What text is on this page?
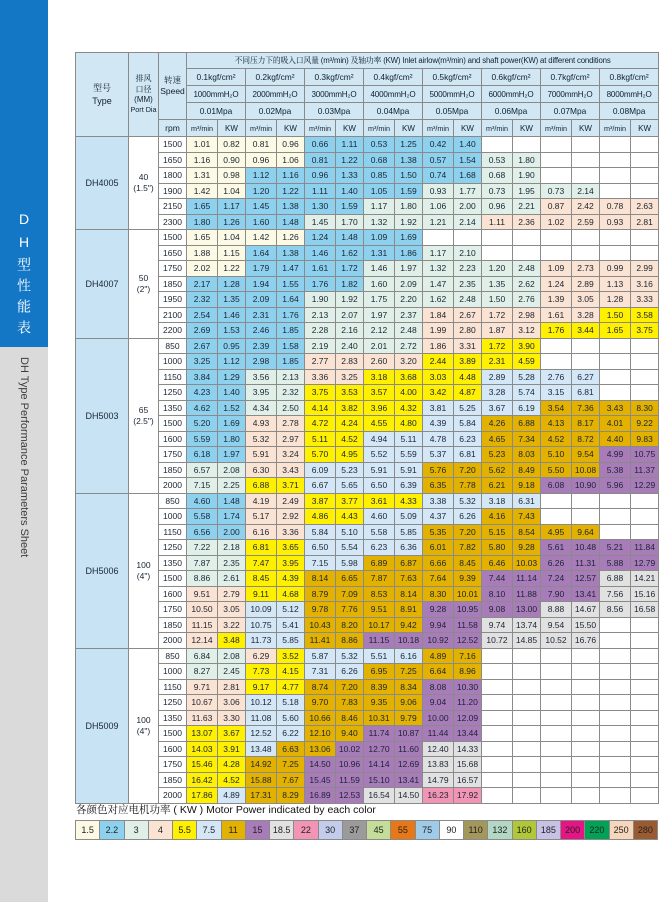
DH型性能表
DH Type Performance Parameters Sheet
型号
Type

排风
口径
(MM)
Port Dia

转速
Speed
	不同压力下的吸入口风量 (m³/min) 及轴功率 (KW) Inlet airlow(m³/min) and shaft power(KW) at different conditions
			0.1kgf/cm²		0.2kgf/cm²		0.3kgf/cm²		0.4kgf/cm²		0.5kgf/cm²		0.6kgf/cm²		0.7kgf/cm²		0.8kgf/cm²	
			1000mmH₂O		2000mmH₂O		3000mmH₂O		4000mmH₂O		5000mmH₂O		6000mmH₂O		7000mmH₂O		8000mmH₂O	
			0.01Mpa		0.02Mpa		0.03Mpa		0.04Mpa		0.05Mpa		0.06Mpa		0.07Mpa		0.08Mpa	
		rpm	m³/min	KW	m³/min	KW	m³/min	KW	m³/min	KW	m³/min	KW	m³/min	KW	m³/min	KW	m³/min	KW
DH4005	40
(1.5")	1500	1.01	0.82	0.81	0.96	0.66	1.11	0.53	1.25	0.42	1.40						
		1650	1.16	0.90	0.96	1.06	0.81	1.22	0.68	1.38	0.57	1.54	0.53	1.80				
		1800	1.31	0.98	1.12	1.16	0.96	1.33	0.85	1.50	0.74	1.68	0.68	1.90				
		1900	1.42	1.04	1.20	1.22	1.11	1.40	1.05	1.59	0.93	1.77	0.73	1.95	0.73	2.14		
		2150	1.65	1.17	1.45	1.38	1.30	1.59	1.17	1.80	1.06	2.00	0.96	2.21	0.87	2.42	0.78	2.63
		2300	1.80	1.26	1.60	1.48	1.45	1.70	1.32	1.92	1.21	2.14	1.11	2.36	1.02	2.59	0.93	2.81
DH4007	50
(2")	1500	1.65	1.04	1.42	1.26	1.24	1.48	1.09	1.69								
		1650	1.88	1.15	1.64	1.38	1.46	1.62	1.31	1.86	1.17	2.10						
		1750	2.02	1.22	1.79	1.47	1.61	1.72	1.46	1.97	1.32	2.23	1.20	2.48	1.09	2.73	0.99	2.99
		1850	2.17	1.28	1.94	1.55	1.76	1.82	1.60	2.09	1.47	2.35	1.35	2.62	1.24	2.89	1.13	3.16
		1950	2.32	1.35	2.09	1.64	1.90	1.92	1.75	2.20	1.62	2.48	1.50	2.76	1.39	3.05	1.28	3.33
		2100	2.54	1.46	2.31	1.76	2.13	2.07	1.97	2.37	1.84	2.67	1.72	2.98	1.61	3.28	1.50	3.58
		2200	2.69	1.53	2.46	1.85	2.28	2.16	2.12	2.48	1.99	2.80	1.87	3.12	1.76	3.44	1.65	3.75
DH5003	65
(2.5")	850	2.67	0.95	2.39	1.58	2.19	2.40	2.01	2.72	1.86	3.31	1.72	3.90				
		1000	3.25	1.12	2.98	1.85	2.77	2.83	2.60	3.20	2.44	3.89	2.31	4.59				
		1150	3.84	1.29	3.56	2.13	3.36	3.25	3.18	3.68	3.03	4.48	2.89	5.28	2.76	6.27		
		1250	4.23	1.40	3.95	2.32	3.75	3.53	3.57	4.00	3.42	4.87	3.28	5.74	3.15	6.81		
		1350	4.62	1.52	4.34	2.50	4.14	3.82	3.96	4.32	3.81	5.25	3.67	6.19	3.54	7.36	3.43	8.30
		1500	5.20	1.69	4.93	2.78	4.72	4.24	4.55	4.80	4.39	5.84	4.26	6.88	4.13	8.17	4.01	9.22
		1600	5.59	1.80	5.32	2.97	5.11	4.52	4.94	5.11	4.78	6.23	4.65	7.34	4.52	8.72	4.40	9.83
		1750	6.18	1.97	5.91	3.24	5.70	4.95	5.52	5.59	5.37	6.81	5.23	8.03	5.10	9.54	4.99	10.75
		1850	6.57	2.08	6.30	3.43	6.09	5.23	5.91	5.91	5.76	7.20	5.62	8.49	5.50	10.08	5.38	11.37
		2000	7.15	2.25	6.88	3.71	6.67	5.65	6.50	6.39	6.35	7.78	6.21	9.18	6.08	10.90	5.96	12.29
DH5006	100
(4")	850	4.60	1.48	4.19	2.49	3.87	3.77	3.61	4.33	3.38	5.32	3.18	6.31				
		1000	5.58	1.74	5.17	2.92	4.86	4.43	4.60	5.09	4.37	6.26	4.16	7.43				
		1150	6.56	2.00	6.16	3.36	5.84	5.10	5.58	5.85	5.35	7.20	5.15	8.54	4.95	9.64		
		1250	7.22	2.18	6.81	3.65	6.50	5.54	6.23	6.36	6.01	7.82	5.80	9.28	5.61	10.48	5.21	11.84
		1350	7.87	2.35	7.47	3.95	7.15	5.98	6.89	6.87	6.66	8.45	6.46	10.03	6.26	11.31	5.88	12.79
		1500	8.86	2.61	8.45	4.39	8.14	6.65	7.87	7.63	7.64	9.39	7.44	11.14	7.24	12.57	6.88	14.21
		1600	9.51	2.79	9.11	4.68	8.79	7.09	8.53	8.14	8.30	10.01	8.10	11.88	7.90	13.41	7.56	15.16
		1750	10.50	3.05	10.09	5.12	9.78	7.76	9.51	8.91	9.28	10.95	9.08	13.00	8.88	14.67	8.56	16.58
		1850	11.15	3.22	10.75	5.41	10.43	8.20	10.17	9.42	9.94	11.58	9.74	13.74	9.54	15.50		
		2000	12.14	3.48	11.73	5.85	11.41	8.86	11.15	10.18	10.92	12.52	10.72	14.85	10.52	16.76		
DH5009	100
(4")	850	6.84	2.08	6.29	3.52	5.87	5.32	5.51	6.16	4.89	7.16						
		1000	8.27	2.45	7.73	4.15	7.31	6.26	6.95	7.25	6.64	8.96						
		1150	9.71	2.81	9.17	4.77	8.74	7.20	8.39	8.34	8.08	10.30						
		1250	10.67	3.06	10.12	5.18	9.70	7.83	9.35	9.06	9.04	11.20						
		1350	11.63	3.30	11.08	5.60	10.66	8.46	10.31	9.79	10.00	12.09						
		1500	13.07	3.67	12.52	6.22	12.10	9.40	11.74	10.87	11.44	13.44						
		1600	14.03	3.91	13.48	6.63	13.06	10.02	12.70	11.60	12.40	14.33						
		1750	15.46	4.28	14.92	7.25	14.50	10.96	14.14	12.69	13.83	15.68						
		1850	16.42	4.52	15.88	7.67	15.45	11.59	15.10	13.41	14.79	16.57						
		2000	17.86	4.89	17.31	8.29	16.89	12.53	16.54	14.50	16.23	17.92						
各颜色对应电机功率 ( KW ) Motor Power indicated by each color
1.5	2.2	3	4	5.5	7.5	11	15	18.5	22	30	37	45	55	75	90	110	132	160	185	200	220	250	280
